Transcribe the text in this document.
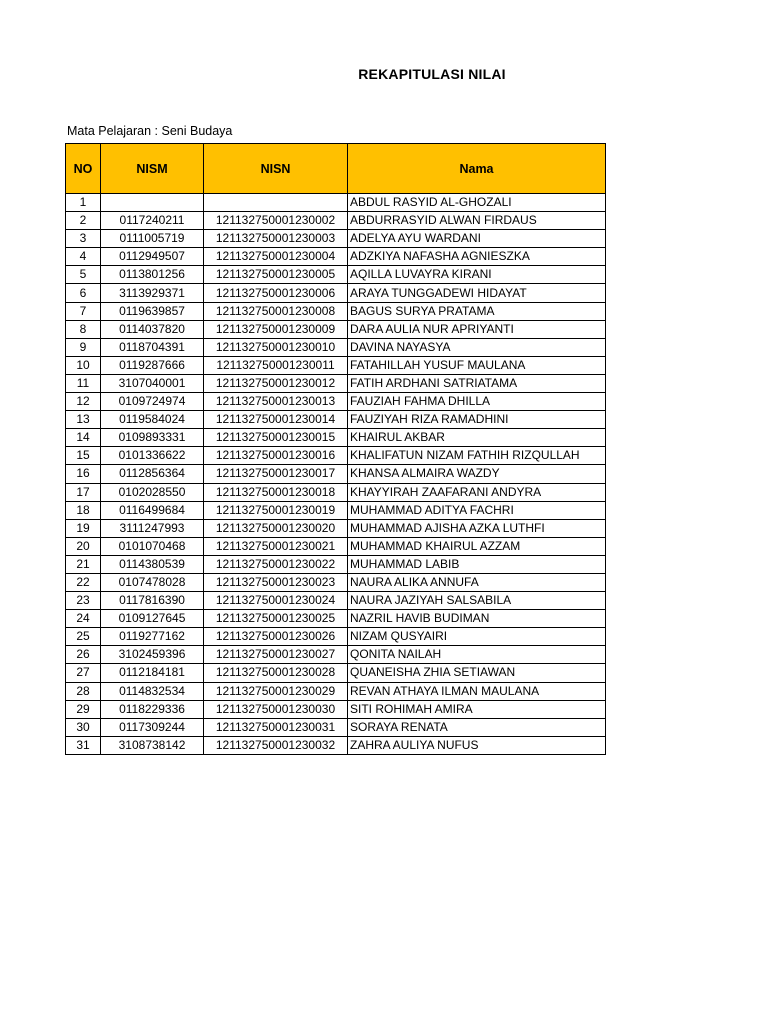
REKAPITULASI NILAI
Mata Pelajaran : Seni Budaya
NO	NISM	NISN	Nama
1			ABDUL RASYID AL-GHOZALI
2	0117240211	121132750001230002	ABDURRASYID ALWAN FIRDAUS
3	0111005719	121132750001230003	ADELYA AYU WARDANI
4	0112949507	121132750001230004	ADZKIYA NAFASHA AGNIESZKA
5	0113801256	121132750001230005	AQILLA LUVAYRA KIRANI
6	3113929371	121132750001230006	ARAYA TUNGGADEWI HIDAYAT
7	0119639857	121132750001230008	BAGUS SURYA PRATAMA
8	0114037820	121132750001230009	DARA AULIA NUR APRIYANTI
9	0118704391	121132750001230010	DAVINA NAYASYA
10	0119287666	121132750001230011	FATAHILLAH YUSUF MAULANA
11	3107040001	121132750001230012	FATIH ARDHANI SATRIATAMA
12	0109724974	121132750001230013	FAUZIAH FAHMA DHILLA
13	0119584024	121132750001230014	FAUZIYAH RIZA RAMADHINI
14	0109893331	121132750001230015	KHAIRUL AKBAR
15	0101336622	121132750001230016	KHALIFATUN NIZAM FATHIH RIZQULLAH
16	0112856364	121132750001230017	KHANSA ALMAIRA WAZDY
17	0102028550	121132750001230018	KHAYYIRAH ZAAFARANI ANDYRA
18	0116499684	121132750001230019	MUHAMMAD ADITYA FACHRI
19	3111247993	121132750001230020	MUHAMMAD AJISHA AZKA LUTHFI
20	0101070468	121132750001230021	MUHAMMAD KHAIRUL AZZAM
21	0114380539	121132750001230022	MUHAMMAD LABIB
22	0107478028	121132750001230023	NAURA ALIKA ANNUFA
23	0117816390	121132750001230024	NAURA JAZIYAH SALSABILA
24	0109127645	121132750001230025	NAZRIL HAVIB BUDIMAN
25	0119277162	121132750001230026	NIZAM QUSYAIRI
26	3102459396	121132750001230027	QONITA NAILAH
27	0112184181	121132750001230028	QUANEISHA ZHIA SETIAWAN
28	0114832534	121132750001230029	REVAN ATHAYA ILMAN MAULANA
29	0118229336	121132750001230030	SITI ROHIMAH AMIRA
30	0117309244	121132750001230031	SORAYA RENATA
31	3108738142	121132750001230032	ZAHRA AULIYA NUFUS
